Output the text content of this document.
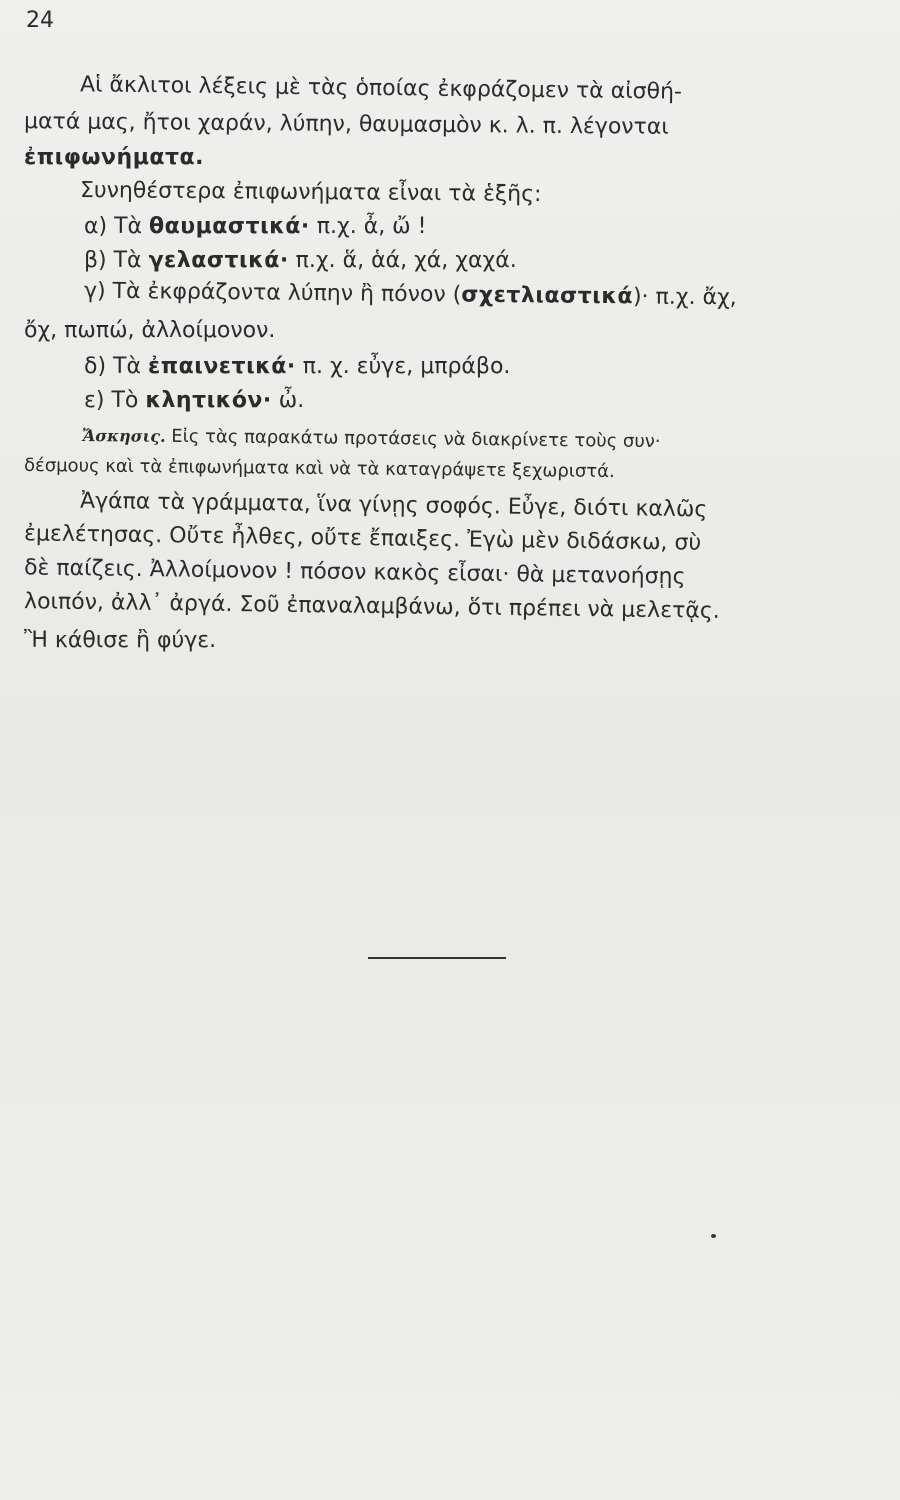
24
Αἱ ἄκλιτοι λέξεις μὲ τὰς ὁποίας ἐκφράζομεν τὰ αἰσθή-
ματά μας, ἤτοι χαράν, λύπην, θαυμασμὸν κ. λ. π. λέγονται
ἐπιφωνήματα.
Συνηθέστερα ἐπιφωνήματα εἶναι τὰ ἑξῆς:
α) Τὰ θαυμαστικά· π.χ. ἆ, ὤ !
β) Τὰ γελαστικά· π.χ. ἅ, ἁά, χά, χαχά.
γ) Τὰ ἐκφράζοντα λύπην ἢ πόνον (σχετλιαστικά)· π.χ. ἄχ,
ὄχ, πωπώ, ἀλλοίμονον.
δ) Τὰ ἐπαινετικά· π. χ. εὖγε, μπράβο.
ε) Τὸ κλητικόν· ὦ.
Ἄσκησις. Εἰς τὰς παρακάτω προτάσεις νὰ διακρίνετε τοὺς συν·
δέσμους καὶ τὰ ἐπιφωνήματα καὶ νὰ τὰ καταγράψετε ξεχωριστά.
Ἀγάπα τὰ γράμματα, ἵνα γίνῃς σοφός. Εὖγε, διότι καλῶς
ἐμελέτησας. Οὔτε ἦλθες, οὔτε ἔπαιξες. Ἐγὼ μὲν διδάσκω, σὺ
δὲ παίζεις. Ἀλλοίμονον ! πόσον κακὸς εἶσαι· θὰ μετανοήσῃς
λοιπόν, ἀλλ᾽ ἀργά. Σοῦ ἐπαναλαμβάνω, ὅτι πρέπει νὰ μελετᾷς.
Ἢ κάθισε ἢ φύγε.
